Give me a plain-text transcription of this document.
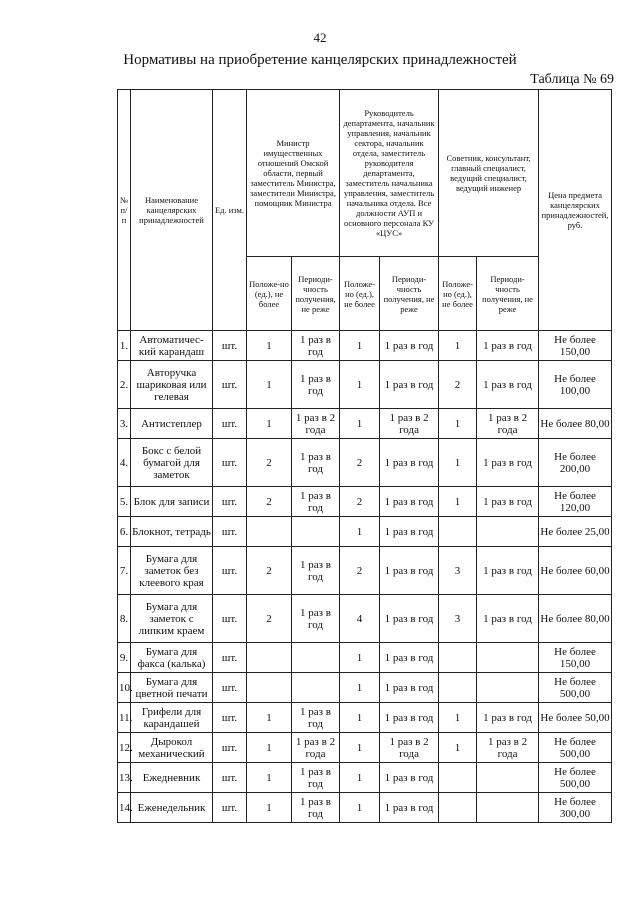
42
Нормативы на приобретение канцелярских принадлежностей
Таблица № 69
№ п/п	Наименование канцелярских принадлежностей	Ед. изм.	Министр имущественных отношений Омской области, первый заместитель Министра, заместители Министра, помощник Министра		Руководитель департамента, начальник управления, начальник сектора, начальник отдела, заместитель руководителя департамента, заместитель начальника управления, заместитель начальника отдела. Все должности АУП и основного персонала КУ «ЦУС»		Советник, консультант, главный специалист, ведущий специалист, ведущий инженер		Цена предмета канцелярских принадлежностей, руб.
			Положе-но (ед.), не более	Периоди-чность получения, не реже	Положе-но (ед.), не более	Периоди-чность получения, не реже	Положе-но (ед.), не более	Периоди-чность получения, не реже	
1.	Автоматичес-кий карандаш	шт.	1	1 раз в год	1	1 раз в год	1	1 раз в год	Не более 150,00
2.	Авторучка шариковая или гелевая	шт.	1	1 раз в год	1	1 раз в год	2	1 раз в год	Не более 100,00
3.	Антистеплер	шт.	1	1 раз в 2 года	1	1 раз в 2 года	1	1 раз в 2 года	Не более 80,00
4.	Бокс с белой бумагой для заметок	шт.	2	1 раз в год	2	1 раз в год	1	1 раз в год	Не более 200,00
5.	Блок для записи	шт.	2	1 раз в год	2	1 раз в год	1	1 раз в год	Не более 120,00
6.	Блокнот, тетрадь	шт.			1	1 раз в год			Не более 25,00
7.	Бумага для заметок без клеевого края	шт.	2	1 раз в год	2	1 раз в год	3	1 раз в год	Не более 60,00
8.	Бумага для заметок с липким краем	шт.	2	1 раз в год	4	1 раз в год	3	1 раз в год	Не более 80,00
9.	Бумага для факса (калька)	шт.			1	1 раз в год			Не более 150,00
10.	Бумага для цветной печати	шт.			1	1 раз в год			Не более 500,00
11.	Грифели для карандашей	шт.	1	1 раз в год	1	1 раз в год	1	1 раз в год	Не более 50,00
12.	Дырокол механический	шт.	1	1 раз в 2 года	1	1 раз в 2 года	1	1 раз в 2 года	Не более 500,00
13.	Ежедневник	шт.	1	1 раз в год	1	1 раз в год			Не более 500,00
14.	Еженедельник	шт.	1	1 раз в год	1	1 раз в год			Не более 300,00
